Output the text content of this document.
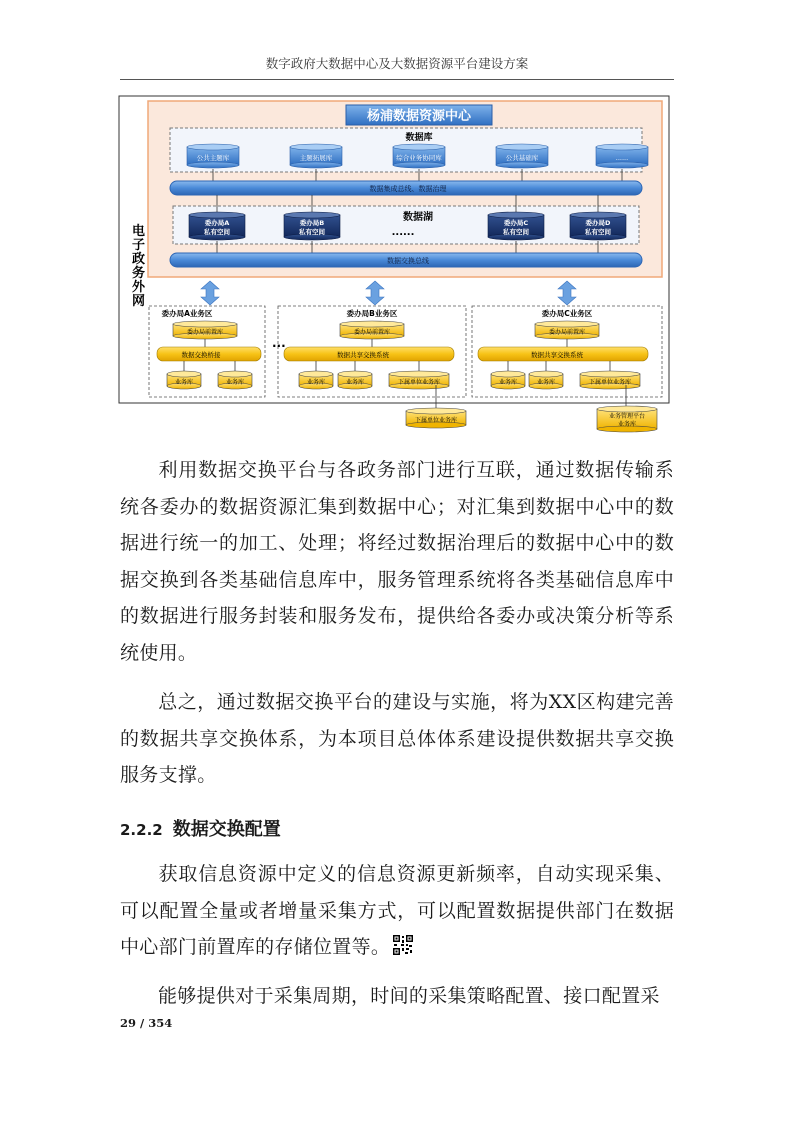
数字政府大数据中心及大数据资源平台建设方案
电子政务外网
杨浦数据资源中心
数据库
公共主题库	主题拓展库	综合业务协同库	公共基础库	......
数据集成总线、数据治理
数据湖
......
委办局A
私有空间
委办局B
私有空间
委办局C
私有空间
委办局D
私有空间
数据交换总线
委办局A业务区
委办局前置库
数据交换桥接
业务库	业务库
委办局B业务区
委办局前置库
数据共享交换系统
业务库	业务库	下属单位业务库
委办局C业务区
委办局前置库
数据共享交换系统
业务库	业务库	下属单位业务库
...
下属单位业务库
业务管理平台
业务库
利用数据交换平台与各政务部门进行互联，通过数据传输系统各委办的数据资源汇集到数据中心；对汇集到数据中心中的数据进行统一的加工、处理；将经过数据治理后的数据中心中的数据交换到各类基础信息库中，服务管理系统将各类基础信息库中的数据进行服务封装和服务发布，提供给各委办或决策分析等系统使用。
总之，通过数据交换平台的建设与实施，将为XX区构建完善的数据共享交换体系，为本项目总体体系建设提供数据共享交换服务支撑。
2.2.2 数据交换配置
获取信息资源中定义的信息资源更新频率，自动实现采集、可以配置全量或者增量采集方式，可以配置数据提供部门在数据中心部门前置库的存储位置等。
能够提供对于采集周期，时间的采集策略配置、接口配置采
29 / 354
